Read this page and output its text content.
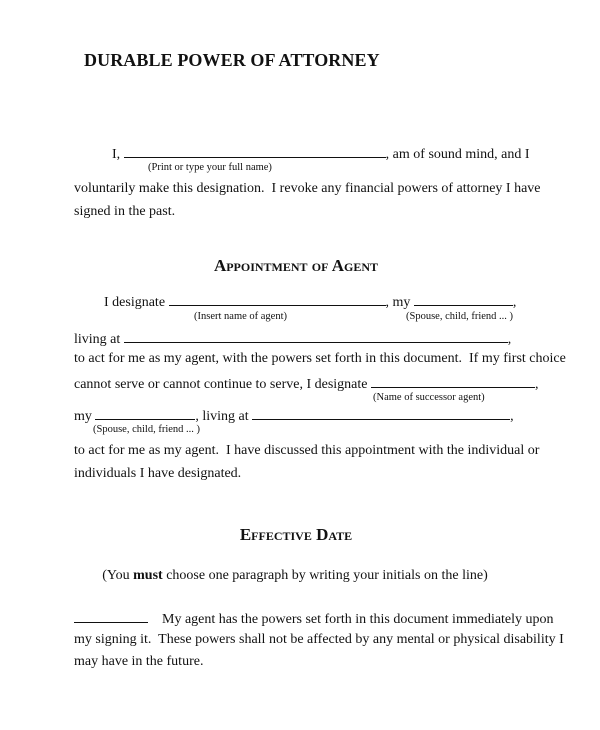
DURABLE POWER OF ATTORNEY
I,	, am of sound mind, and I
(Print or type your full name)
voluntarily make this designation.  I revoke any financial powers of attorney I have
signed in the past.
Appointment of Agent
I designate	, my	,
(Insert name of agent)	(Spouse, child, friend ... )
living at	,
to act for me as my agent, with the powers set forth in this document.  If my first choice
cannot serve or cannot continue to serve, I designate	,
(Name of successor agent)
my	, living at	,
(Spouse, child, friend ... )
to act for me as my agent.  I have discussed this appointment with the individual or
individuals I have designated.
Effective Date
(You must choose one paragraph by writing your initials on the line)
My agent has the powers set forth in this document immediately upon
my signing it.  These powers shall not be affected by any mental or physical disability I
may have in the future.
